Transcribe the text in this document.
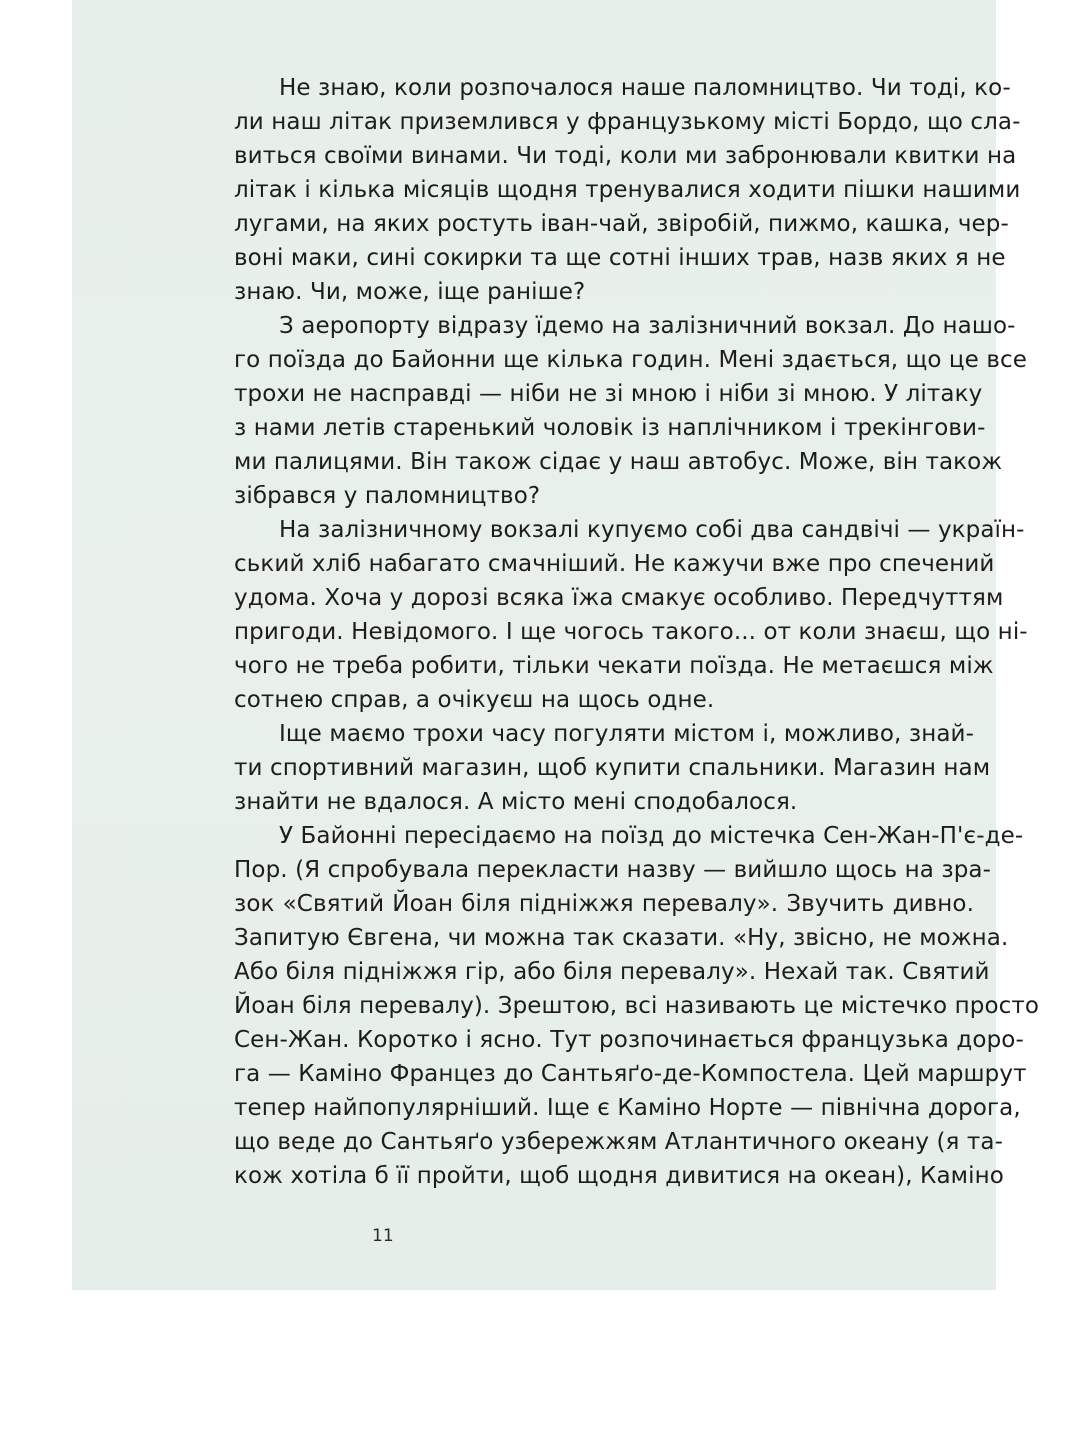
Не знаю, коли розпочалося наше паломництво. Чи тоді, ко-
ли наш літак приземлився у французькому місті Бордо, що сла-
виться своїми винами. Чи тоді, коли ми забронювали квитки на
літак і кілька місяців щодня тренувалися ходити пішки нашими
лугами, на яких ростуть іван-чай, звіробій, пижмо, кашка, чер-
воні маки, сині сокирки та ще сотні інших трав, назв яких я не
знаю. Чи, може, іще раніше?
З аеропорту відразу їдемо на залізничний вокзал. До нашо-
го поїзда до Байонни ще кілька годин. Мені здається, що це все
трохи не насправді — ніби не зі мною і ніби зі мною. У літаку
з нами летів старенький чоловік із наплічником і трекінгови-
ми палицями. Він також сідає у наш автобус. Може, він також
зібрався у паломництво?
На залізничному вокзалі купуємо собі два сандвічі — україн-
ський хліб набагато смачніший. Не кажучи вже про спечений
удома. Хоча у дорозі всяка їжа смакує особливо. Передчуттям
пригоди. Невідомого. І ще чогось такого... от коли знаєш, що ні-
чого не треба робити, тільки чекати поїзда. Не метаєшся між
сотнею справ, а очікуєш на щось одне.
Іще маємо трохи часу погуляти містом і, можливо, знай-
ти спортивний магазин, щоб купити спальники. Магазин нам
знайти не вдалося. А місто мені сподобалося.
У Байонні пересідаємо на поїзд до містечка Сен-Жан-П'є-де-
Пор. (Я спробувала перекласти назву — вийшло щось на зра-
зок «Святий Йоан біля підніжжя перевалу». Звучить дивно.
Запитую Євгена, чи можна так сказати. «Ну, звісно, не можна.
Або біля підніжжя гір, або біля перевалу». Нехай так. Святий
Йоан біля перевалу). Зрештою, всі називають це містечко просто
Сен-Жан. Коротко і ясно. Тут розпочинається французька доро-
га — Каміно Францез до Сантьяґо-де-Компостела. Цей маршрут
тепер найпопулярніший. Іще є Каміно Норте — північна дорога,
що веде до Сантьяґо узбережжям Атлантичного океану (я та-
кож хотіла б її пройти, щоб щодня дивитися на океан), Каміно
11
